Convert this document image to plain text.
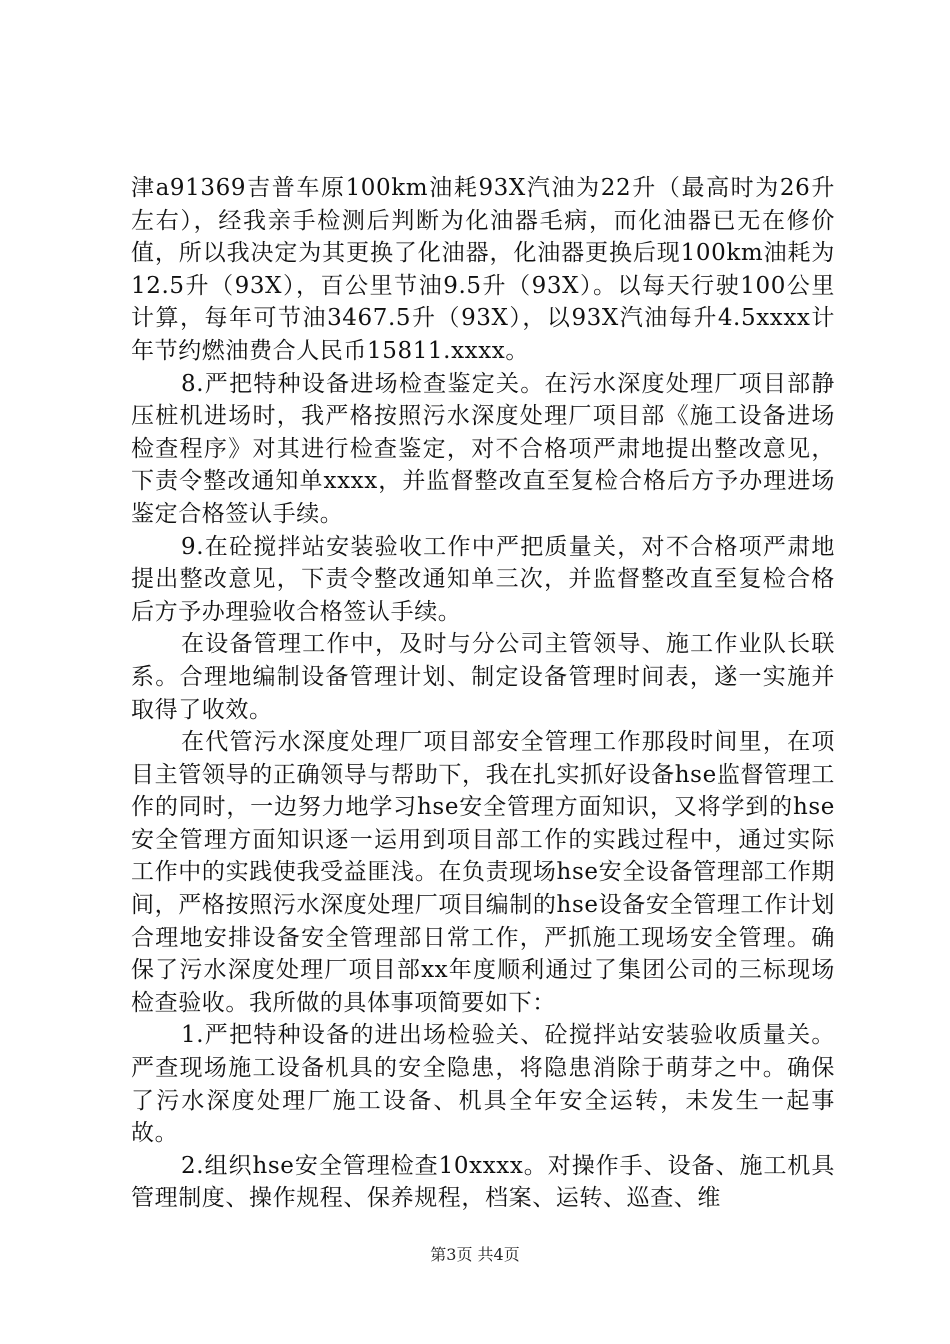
津a91369吉普车原100km油耗93X汽油为22升（最高时为26升左右），经我亲手检测后判断为化油器毛病，而化油器已无在修价值，所以我决定为其更换了化油器，化油器更换后现100km油耗为12.5升（93X），百公里节油9.5升（93X）。以每天行驶100公里计算，每年可节油3467.5升（93X），以93X汽油每升4.5xxxx计年节约燃油费合人民币15811.xxxx。

8.严把特种设备进场检查鉴定关。在污水深度处理厂项目部静压桩机进场时，我严格按照污水深度处理厂项目部《施工设备进场检查程序》对其进行检查鉴定，对不合格项严肃地提出整改意见，下责令整改通知单xxxx，并监督整改直至复检合格后方予办理进场鉴定合格签认手续。

9.在砼搅拌站安装验收工作中严把质量关，对不合格项严肃地提出整改意见，下责令整改通知单三次，并监督整改直至复检合格后方予办理验收合格签认手续。

在设备管理工作中，及时与分公司主管领导、施工作业队长联系。合理地编制设备管理计划、制定设备管理时间表，遂一实施并取得了收效。

在代管污水深度处理厂项目部安全管理工作那段时间里，在项目主管领导的正确领导与帮助下，我在扎实抓好设备hse监督管理工作的同时，一边努力地学习hse安全管理方面知识，又将学到的hse安全管理方面知识逐一运用到项目部工作的实践过程中，通过实际工作中的实践使我受益匪浅。在负责现场hse安全设备管理部工作期间，严格按照污水深度处理厂项目编制的hse设备安全管理工作计划合理地安排设备安全管理部日常工作，严抓施工现场安全管理。确保了污水深度处理厂项目部xx年度顺利通过了集团公司的三标现场检查验收。我所做的具体事项简要如下：

1.严把特种设备的进出场检验关、砼搅拌站安装验收质量关。严查现场施工设备机具的安全隐患，将隐患消除于萌芽之中。确保了污水深度处理厂施工设备、机具全年安全运转，未发生一起事故。

2.组织hse安全管理检查10xxxx。对操作手、设备、施工机具管理制度、操作规程、保养规程，档案、运转、巡查、维

第3页 共4页
